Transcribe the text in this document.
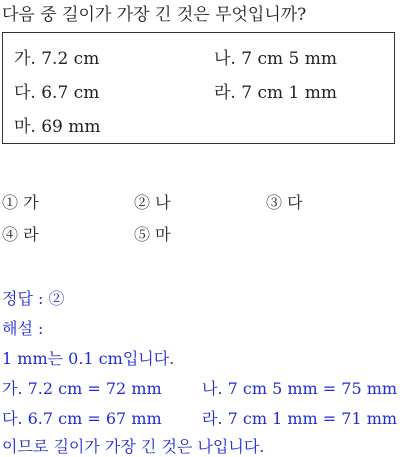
다음 중 길이가 가장 긴 것은 무엇입니까?
가. 7.2 cm	나. 7 cm 5 mm
다. 6.7 cm	라. 7 cm 1 mm
마. 69 mm
① 가	② 나	③ 다
④ 라	⑤ 마
정답 : ②
해설 :
1 mm는 0.1 cm입니다.
가. 7.2 cm = 72 mm	나. 7 cm 5 mm = 75 mm
다. 6.7 cm = 67 mm	라. 7 cm 1 mm = 71 mm
이므로 길이가 가장 긴 것은 나입니다.
